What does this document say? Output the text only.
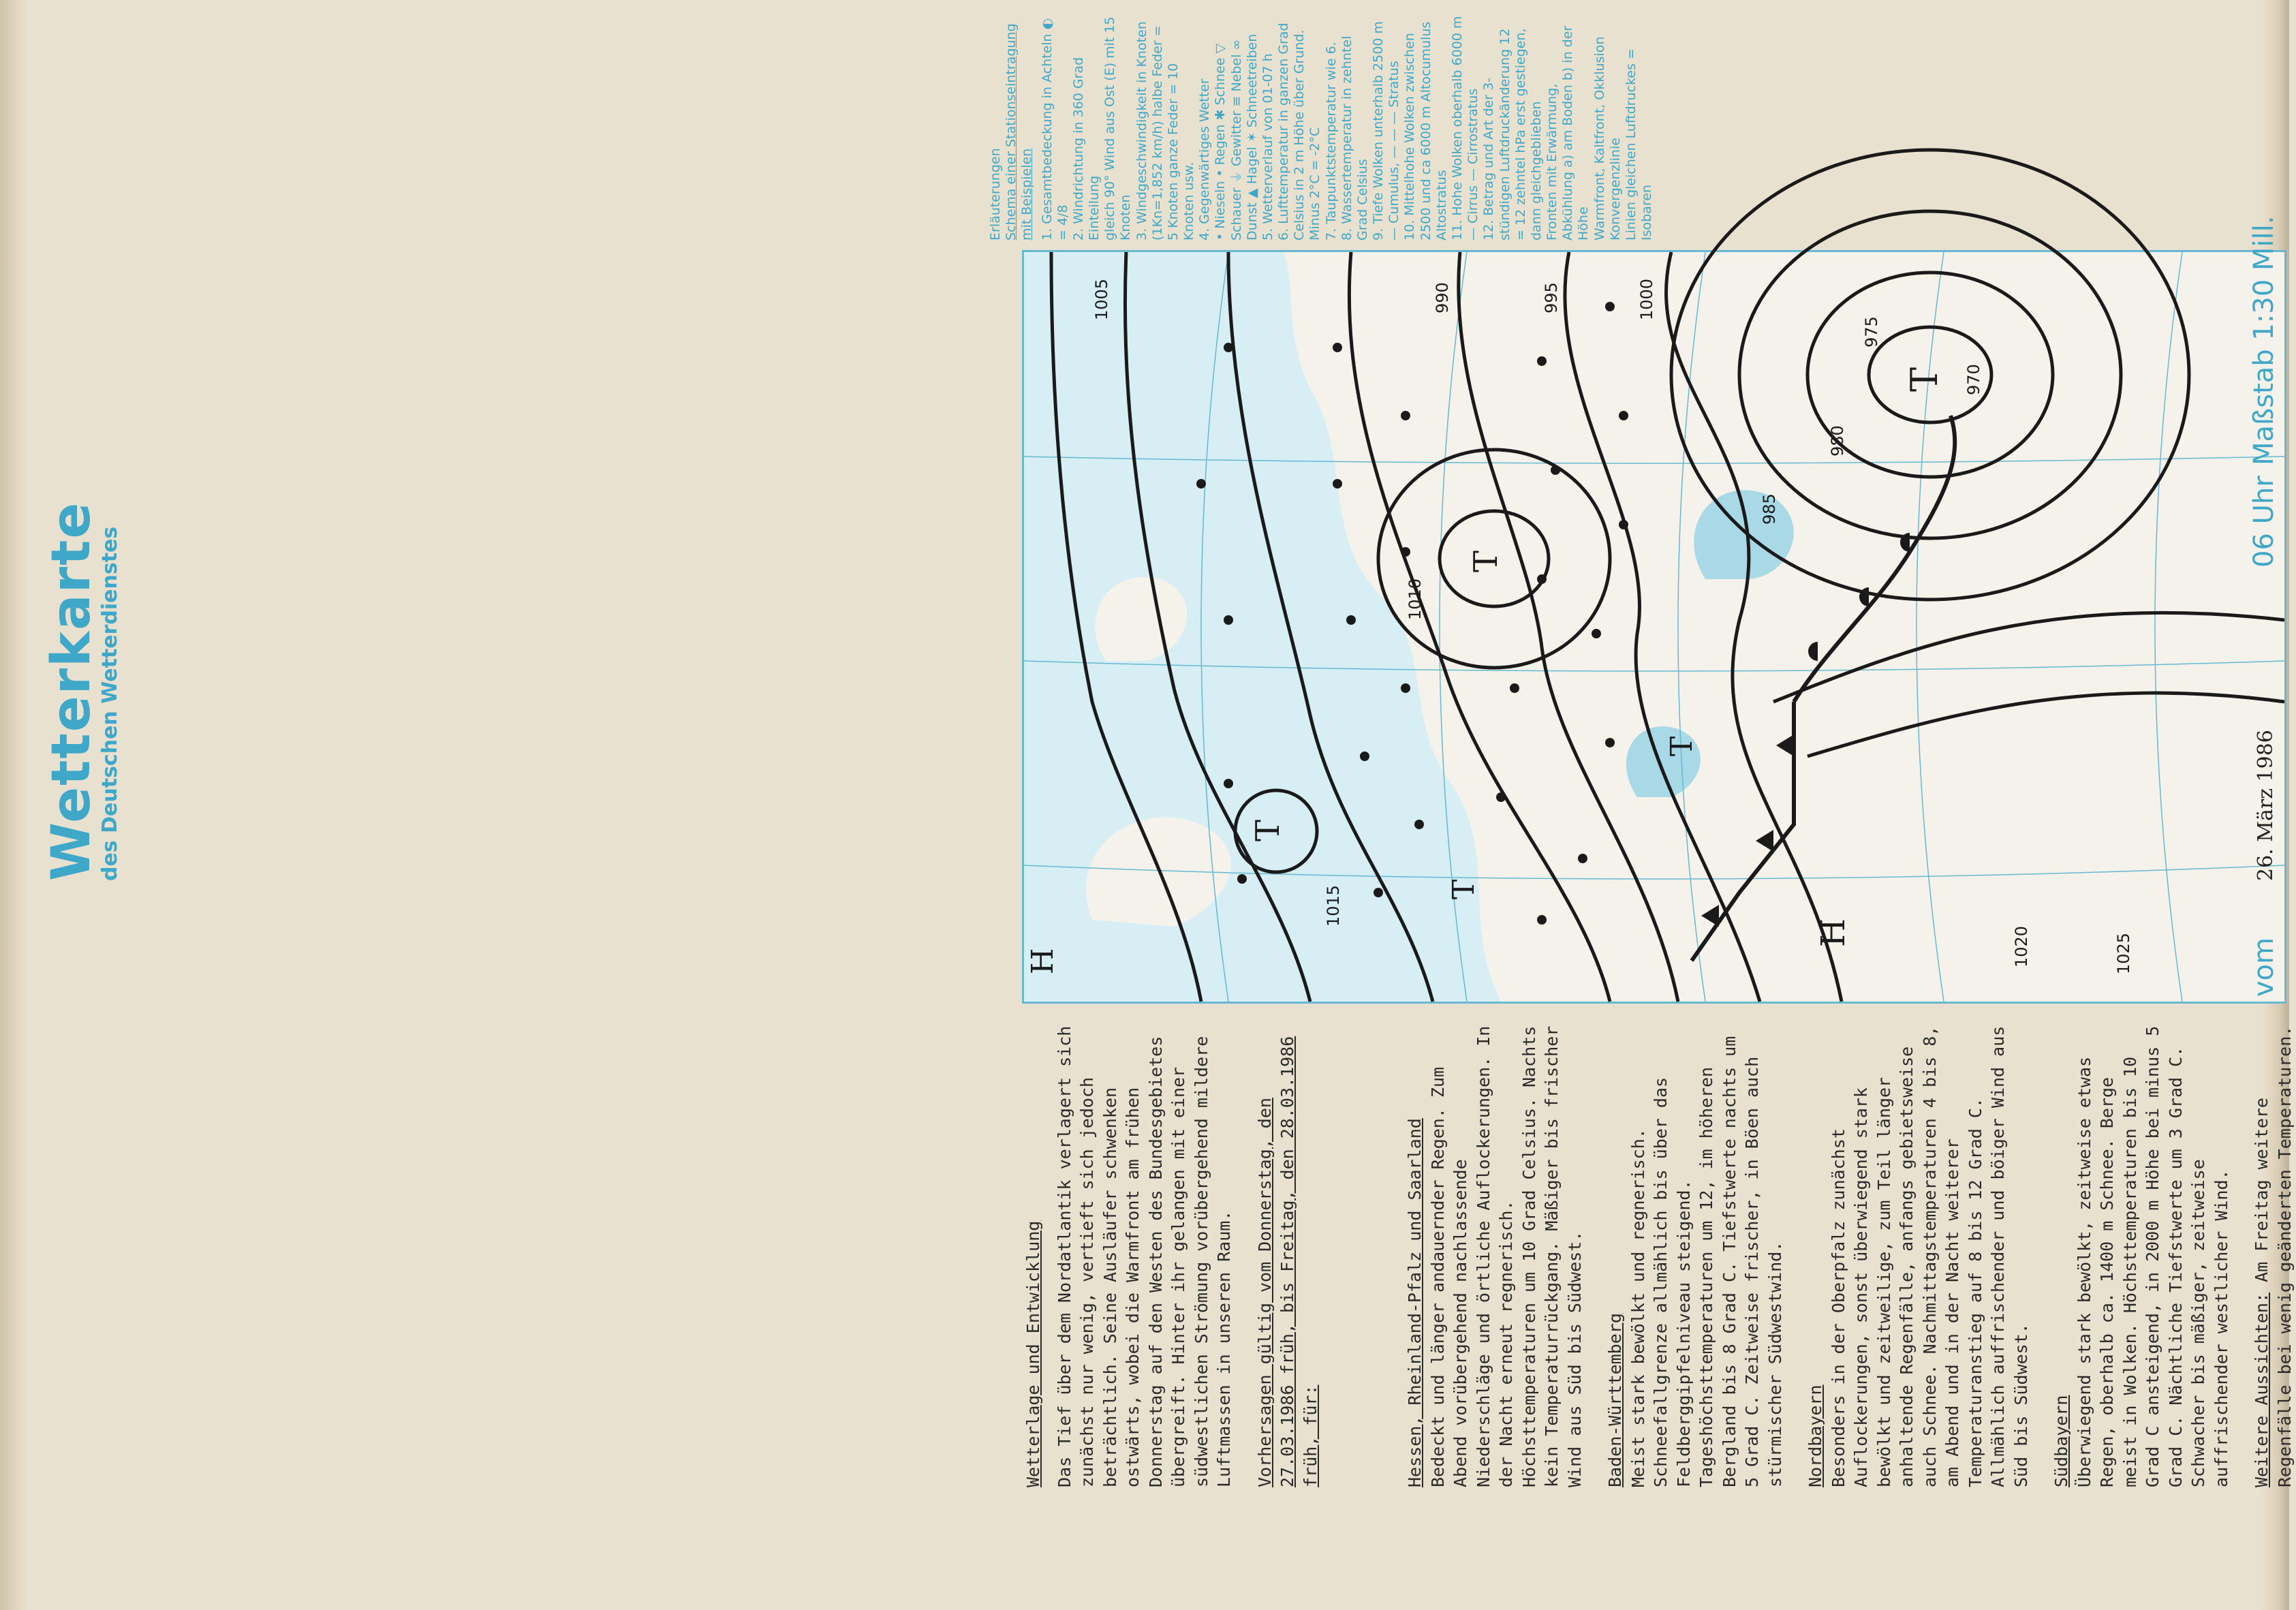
Wetterkarte
des Deutschen Wetterdienstes
Erläuterungen Schema einer Stationseintragung mit Beispielen 1. Gesamtbedeckung in Achteln ◐ = 4/8 2. Windrichtung in 360 Grad Einteilung gleich 90° Wind aus Ost (E) mit 15 Knoten 3. Windgeschwindigkeit in Knoten (1Kn=1,852 km/h) halbe Feder = 5 Knoten ganze Feder = 10 Knoten usw. 4. Gegenwärtiges Wetter • Nieseln • Regen ✱ Schnee ▽ Schauer ⏚ Gewitter ≡ Nebel ∞ Dunst ▲ Hagel ✶ Schneetreiben 5. Wetterverlauf von 01-07 h 6. Lufttemperatur in ganzen Grad Celsius in 2 m Höhe über Grund. Minus 2°C = -2°C 7. Taupunktstemperatur wie 6. 8. Wassertemperatur in zehntel Grad Celsius 9. Tiefe Wolken unterhalb 2500 m — Cumulus, — — — Stratus 10. Mittelhohe Wolken zwischen 2500 und ca 6000 m Altocumulus Altostratus 11. Hohe Wolken oberhalb 6000 m — Cirrus — Cirrostratus 12. Betrag und Art der 3-stündigen Luftdruckänderung 12 = 12 zehntel hPa erst gestiegen, dann gleichgeblieben Fronten mit Erwärmung, Abkühlung a) am Boden b) in der Höhe Warmfront, Kaltfront, Okklusion Konvergenzlinie Linien gleichen Luftdruckes = Isobaren
T
T
T
T
T
H
H
970
975
980
985
990	995	1000
1005
1010
1015
1020	1025	vom
26. März 1986
06 Uhr
Maßstab 1:30 Mill.

Wetterlage und Entwicklung Das Tief über dem Nordatlantik verlagert sich zunächst nur wenig, vertieft sich jedoch beträchtlich. Seine Ausläufer schwenken ostwärts, wobei die Warmfront am frühen Donnerstag auf den Westen des Bundesgebietes übergreift. Hinter ihr gelangen mit einer südwestlichen Strömung vorübergehend mildere Luftmassen in unseren Raum. Vorhersagen gültig vom Donnerstag, den 27.03.1986 früh, bis Freitag, den 28.03.1986 früh, für:	Hessen, Rheinland-Pfalz und Saarland Bedeckt und länger andauernder Regen. Zum Abend vorübergehend nachlassende Niederschläge und örtliche Auflockerungen. In der Nacht erneut regnerisch. Höchsttemperaturen um 10 Grad Celsius. Nachts kein Temperaturrückgang. Mäßiger bis frischer Wind aus Süd bis Südwest. Baden-Württemberg Meist stark bewölkt und regnerisch. Schneefallgrenze allmählich bis über das Feldberggipfelniveau steigend. Tageshöchsttemperaturen um 12, im höheren Bergland bis 8 Grad C. Tiefstwerte nachts um 5 Grad C. Zeitweise frischer, in Böen auch stürmischer Südwestwind. Nordbayern Besonders in der Oberpfalz zunächst Auflockerungen, sonst überwiegend stark bewölkt und zeitweilige, zum Teil länger anhaltende Regenfälle, anfangs gebietsweise auch Schnee. Nachmittagstemperaturen 4 bis 8, am Abend und in der Nacht weiterer Temperaturanstieg auf 8 bis 12 Grad C. Allmählich auffrischender und böiger Wind aus Süd bis Südwest. Südbayern Überwiegend stark bewölkt, zeitweise etwas Regen, oberhalb ca. 1400 m Schnee. Berge meist in Wolken. Höchsttemperaturen bis 10 Grad C ansteigend, in 2000 m Höhe bei minus 5 Grad C. Nächtliche Tiefstwerte um 3 Grad C. Schwacher bis mäßiger, zeitweise auffrischender westlicher Wind. Weitere Aussichten: Am Freitag weitere Regenfälle bei wenig geänderten Temperaturen.
